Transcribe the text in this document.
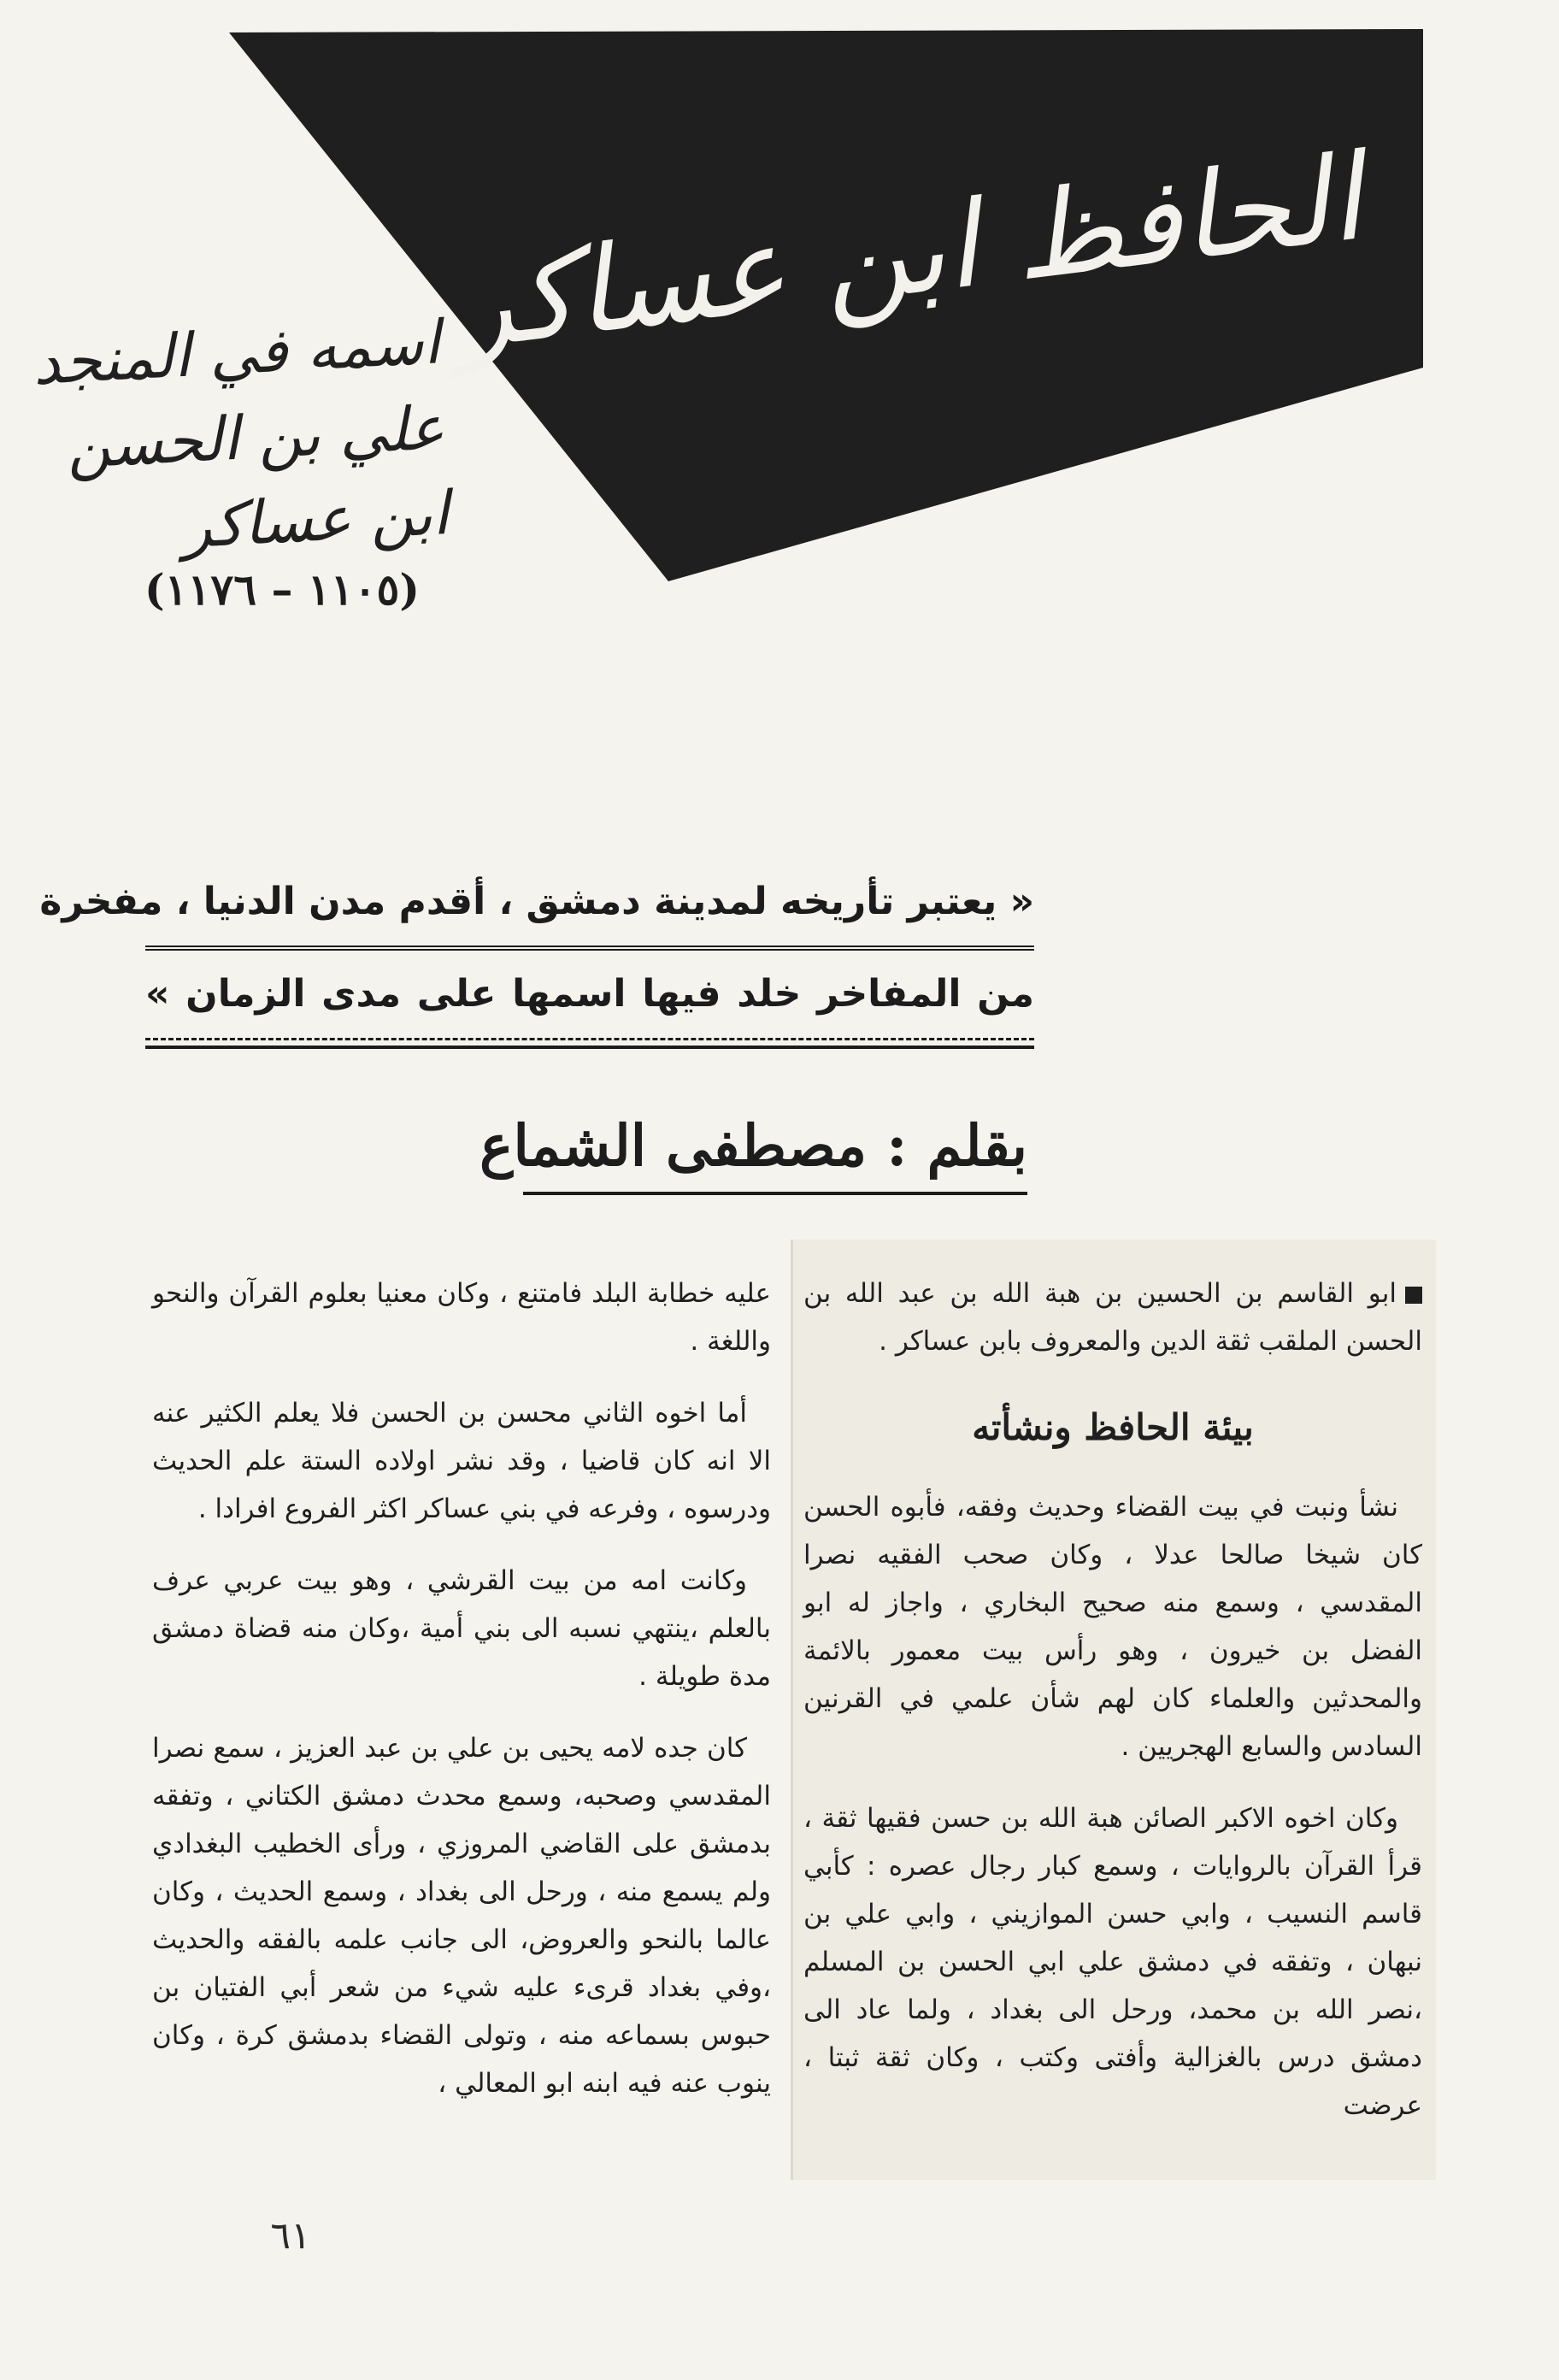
الحافظ ابن عساكر
اسمه في المنجد
علي بن الحسن
ابن عساكر
(١١٠٥ – ١١٧٦)
« يعتبر تأريخه لمدينة دمشق ، أقدم مدن الدنيا ، مفخرة
من المفاخر خلد فيها اسمها على مدى الزمان »
بقلم : مصطفى الشماع

ابو القاسم بن الحسين بن هبة الله بن عبد الله بن الحسن الملقب ثقة الدين والمعروف بابن عساكر .

بيئة الحافظ ونشأته

نشأ ونبت في بيت القضاء وحديث وفقه، فأبوه الحسن كان شيخا صالحا عدلا ، وكان صحب الفقيه نصرا المقدسي ، وسمع منه صحيح البخاري ، واجاز له ابو الفضل بن خيرون ، وهو رأس بيت معمور بالائمة والمحدثين والعلماء كان لهم شأن علمي في القرنين السادس والسابع الهجريين .

وكان اخوه الاكبر الصائن هبة الله بن حسن فقيها ثقة ، قرأ القرآن بالروايات ، وسمع كبار رجال عصره : كأبي قاسم النسيب ، وابي حسن الموازيني ، وابي علي بن نبهان ، وتفقه في دمشق علي ابي الحسن بن المسلم ،نصر الله بن محمد، ورحل الى بغداد ، ولما عاد الى دمشق درس بالغزالية وأفتى وكتب ، وكان ثقة ثبتا ، عرضت

عليه خطابة البلد فامتنع ، وكان معنيا بعلوم القرآن والنحو واللغة .

أما اخوه الثاني محسن بن الحسن فلا يعلم الكثير عنه الا انه كان قاضيا ، وقد نشر اولاده الستة علم الحديث ودرسوه ، وفرعه في بني عساكر اكثر الفروع افرادا .

وكانت امه من بيت القرشي ، وهو بيت عربي عرف بالعلم ،ينتهي نسبه الى بني أمية ،وكان منه قضاة دمشق مدة طويلة .

كان جده لامه يحيى بن علي بن عبد العزيز ، سمع نصرا المقدسي وصحبه، وسمع محدث دمشق الكتاني ، وتفقه بدمشق على القاضي المروزي ، ورأى الخطيب البغدادي ولم يسمع منه ، ورحل الى بغداد ، وسمع الحديث ، وكان عالما بالنحو والعروض، الى جانب علمه بالفقه والحديث ،وفي بغداد قرىء عليه شيء من شعر أبي الفتيان بن حبوس بسماعه منه ، وتولى القضاء بدمشق كرة ، وكان ينوب عنه فيه ابنه ابو المعالي ،

٦١
